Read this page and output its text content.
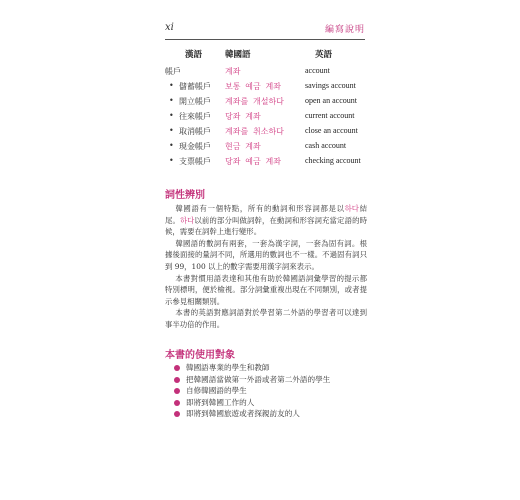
xi	編寫說明
漢語	韓國語	英語
帳戶	계좌	account
• 儲蓄帳戶 보통 예금 계좌	savings account
• 開立帳戶 계좌를 개설하다	open an account
• 往來帳戶 당좌 계좌	current account
• 取消帳戶 계좌를 취소하다	close an account
• 現金帳戶 현금 계좌	cash account
• 支票帳戶 당좌 예금 계좌	checking account
詞性辨別

韓國語有一個特點，所有的動詞和形容詞都是以하다結尾。하다以前的部分叫做詞幹，在動詞和形容詞充當定語的時候，需要在詞幹上進行變形。

韓國語的數詞有兩套，一套為漢字詞，一套為固有詞。根據後面接的量詞不同，所選用的數詞也不一樣。不過固有詞只到 99，100 以上的數字需要用漢字詞來表示。

本書對慣用語表達和其他有助於韓國語詞彙學習的提示都特別標明，便於檢視。部分詞彙重複出現在不同類別，或者提示參見相關類別。

本書的英語對應詞語對於學習第二外語的學習者可以達到事半功倍的作用。

本書的使用對象
韓國語專業的學生和教師
把韓國語當做第一外語或者第二外語的學生
自修韓國語的學生
即將到韓國工作的人
即將到韓國旅遊或者探親訪友的人
